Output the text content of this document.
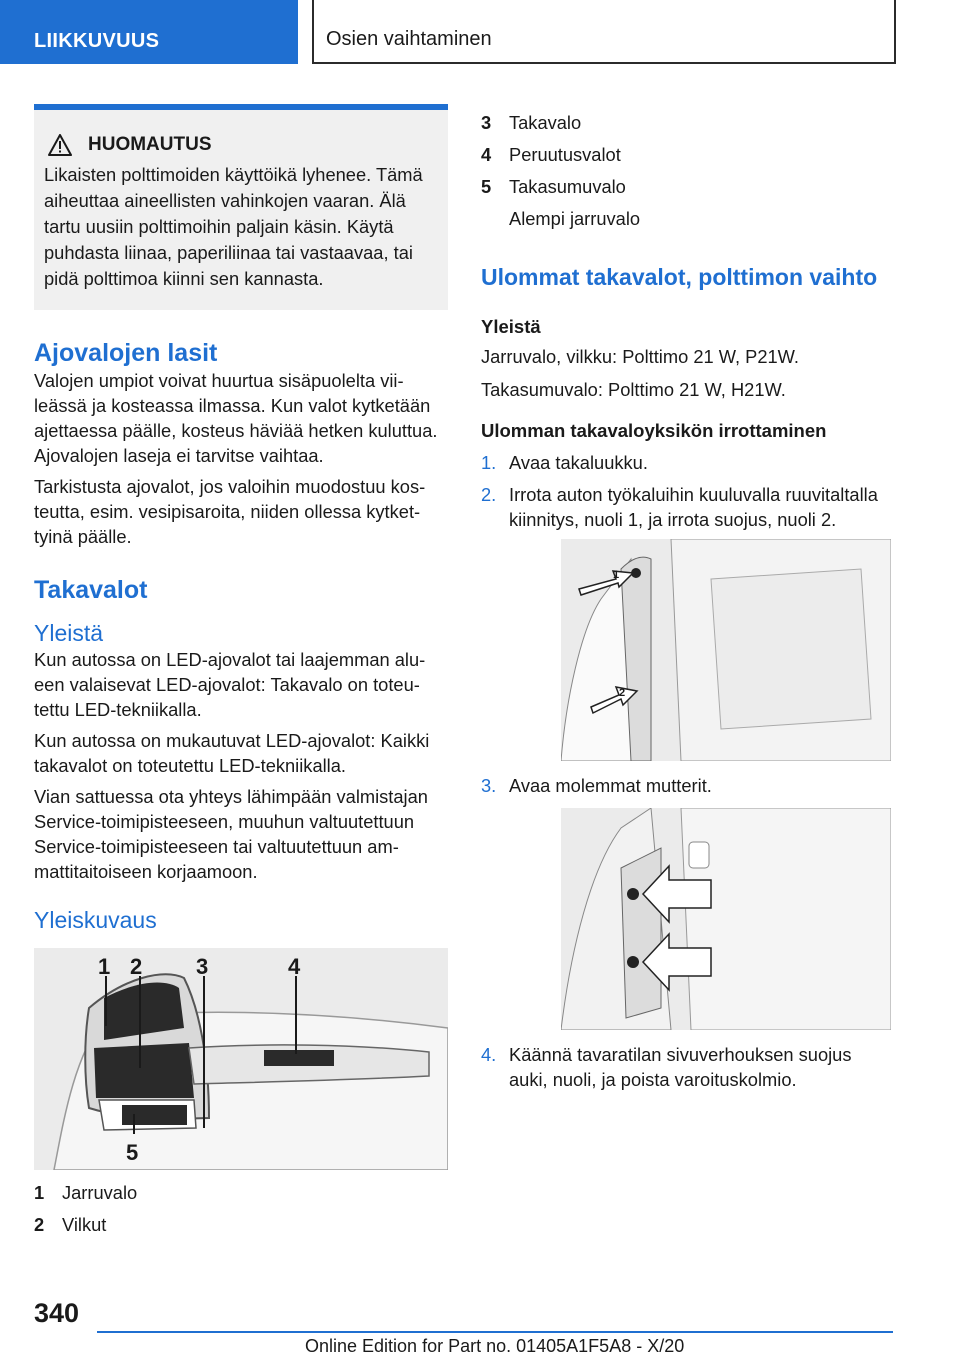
LIIKKUVUUS	Osien vaihtaminen
HUOMAUTUS
Likaisten polttimoiden käyttöikä lyhenee. Tämä aiheuttaa aineellisten vahinkojen vaaran. Älä tartu uusiin polttimoihin paljain käsin. Käytä puhdasta liinaa, paperiliinaa tai vastaavaa, tai pidä polttimoa kiinni sen kannasta.
Ajovalojen lasit

Valojen umpiot voivat huurtua sisäpuolelta viileässä ja kosteassa ilmassa. Kun valot kytketään ajettaessa päälle, kosteus häviää hetken kuluttua. Ajovalojen laseja ei tarvitse vaihtaa.

Tarkistusta ajovalot, jos valoihin muodostuu kosteutta, esim. vesipisaroita, niiden ollessa kytkettyinä päälle.

Takavalot
Yleistä

Kun autossa on LED-ajovalot tai laajemman alueen valaisevat LED-ajovalot: Takavalo on toteutettu LED-tekniikalla.

Kun autossa on mukautuvat LED-ajovalot: Kaikki takavalot on toteutettu LED-tekniikalla.

Vian sattuessa ota yhteys lähimpään valmistajan Service-toimipisteeseen, muuhun valtuutettuun Service-toimipisteeseen tai valtuutettuun ammattitaitoiseen korjaamoon.

Yleiskuvaus
1 2 3	4
5
1 Jarruvalo
2 Vilkut
3 Takavalo
4 Peruutusvalot
5 Takasumuvalo
Alempi jarruvalo
Ulommat takavalot, polttimon vaihto
Yleistä

Jarruvalo, vilkku: Polttimo 21 W, P21W.

Takasumuvalo: Polttimo 21 W, H21W.

Ulomman takavaloyksikön irrottaminen
1. Avaa takaluukku.
2. Irrota auton työkaluihin kuuluvalla ruuvitaltalla kiinnitys, nuoli 1, ja irrota suojus, nuoli 2.
1
2
3. Avaa molemmat mutterit.
4. Käännä tavaratilan sivuverhouksen suojus auki, nuoli, ja poista varoituskolmio.
340
Online Edition for Part no. 01405A1F5A8 - X/20
